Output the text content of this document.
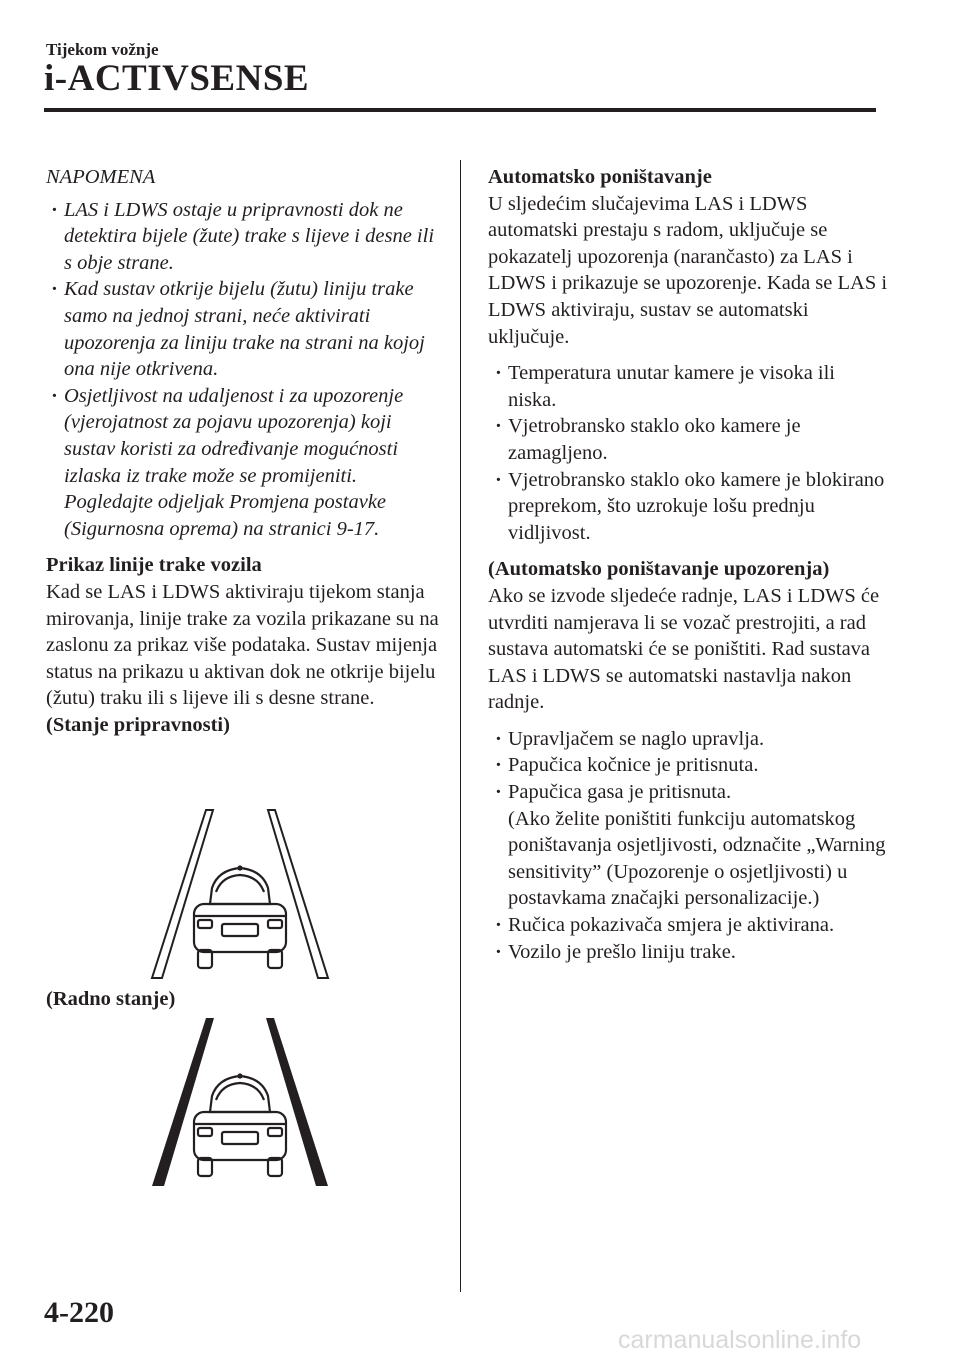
Tijekom vožnje
i-ACTIVSENSE
NAPOMENA
· LAS i LDWS ostaje u pripravnosti dok ne detektira bijele (žute) trake s lijeve i desne ili s obje strane.
· Kad sustav otkrije bijelu (žutu) liniju trake samo na jednoj strani, neće aktivirati upozorenja za liniju trake na strani na kojoj ona nije otkrivena.
· Osjetljivost na udaljenost i za upozorenje (vjerojatnost za pojavu upozorenja) koji sustav koristi za određivanje mogućnosti izlaska iz trake može se promijeniti.
Pogledajte odjeljak Promjena postavke (Sigurnosna oprema) na stranici 9-17.
Prikaz linije trake vozila

Kad se LAS i LDWS aktiviraju tijekom stanja mirovanja, linije trake za vozila prikazane su na zaslonu za prikaz više podataka. Sustav mijenja status na prikazu u aktivan dok ne otkrije bijelu (žutu) traku ili s lijeve ili s desne strane.

(Stanje pripravnosti)
(Radno stanje)
Automatsko poništavanje

U sljedećim slučajevima LAS i LDWS automatski prestaju s radom, uključuje se pokazatelj upozorenja (narančasto) za LAS i LDWS i prikazuje se upozorenje. Kada se LAS i LDWS aktiviraju, sustav se automatski uključuje.

· Temperatura unutar kamere je visoka ili niska.
· Vjetrobransko staklo oko kamere je zamagljeno.
· Vjetrobransko staklo oko kamere je blokirano preprekom, što uzrokuje lošu prednju vidljivost.
(Automatsko poništavanje upozorenja)

Ako se izvode sljedeće radnje, LAS i LDWS će utvrditi namjerava li se vozač prestrojiti, a rad sustava automatski će se poništiti. Rad sustava LAS i LDWS se automatski nastavlja nakon radnje.

· Upravljačem se naglo upravlja.
· Papučica kočnice je pritisnuta.
· Papučica gasa je pritisnuta.
(Ako želite poništiti funkciju automatskog poništavanja osjetljivosti, odznačite „Warning sensitivity” (Upozorenje o osjetljivosti) u postavkama značajki personalizacije.)
· Ručica pokazivača smjera je aktivirana.
· Vozilo je prešlo liniju trake.
4-220
carmanualsonline.info
